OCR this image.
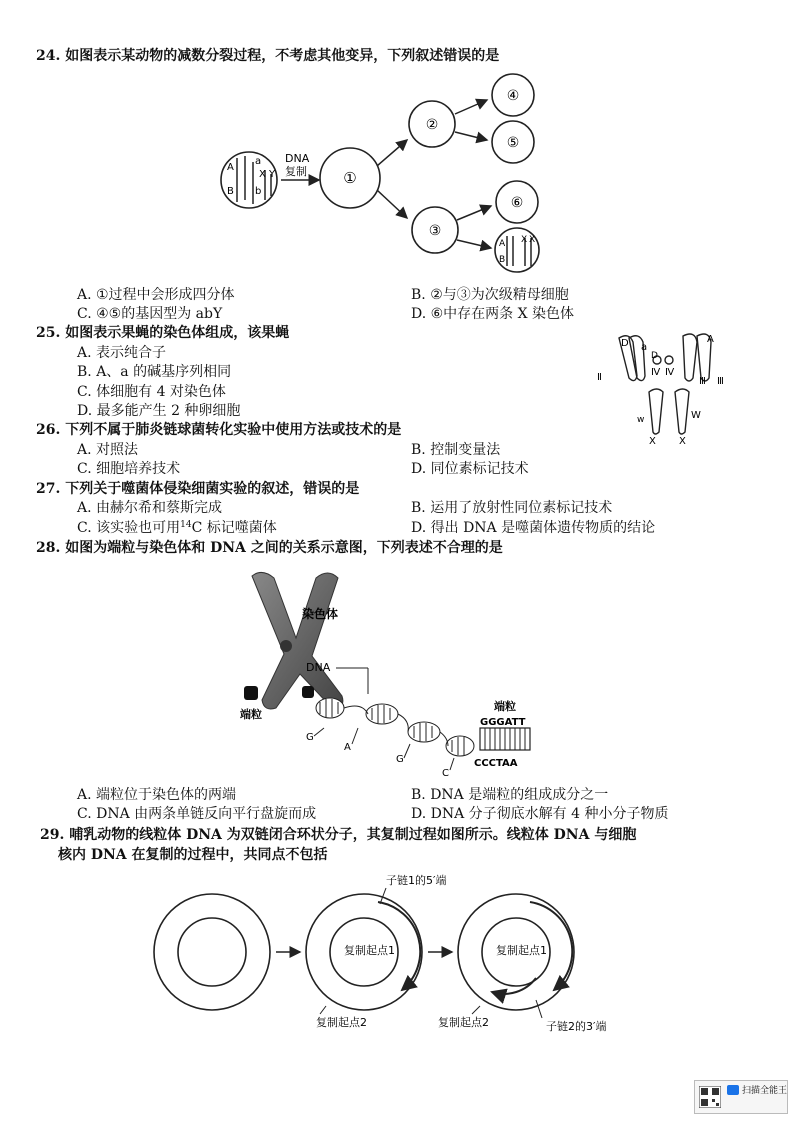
24. 如图表示某动物的减数分裂过程，不考虑其他变异，下列叙述错误的是
A
a
B b
X Y
DNA
复制 ①
②
③
④
⑤
⑥
A
B
X X
A. ①过程中会形成四分体	B. ②与③为次级精母细胞
C. ④⑤的基因型为 abY	D. ⑥中存在两条 X 染色体
25. 如图表示果蝇的染色体组成，该果蝇
A. 表示纯合子
B. A、a 的碱基序列相同
C. 体细胞有 4 对染色体
D. 最多能产生 2 种卵细胞
D a
Ⅱ
D
Ⅳ Ⅳ
A
Ⅲ Ⅲ
w	W
X X
26. 下列不属于肺炎链球菌转化实验中使用方法或技术的是
A. 对照法	B. 控制变量法
C. 细胞培养技术	D. 同位素标记技术
27. 下列关于噬菌体侵染细菌实验的叙述，错误的是
A. 由赫尔希和蔡斯完成	B. 运用了放射性同位素标记技术
C. 该实验也可用$^{14}$C 标记噬菌体	D. 得出 DNA 是噬菌体遗传物质的结论
28. 如图为端粒与染色体和 DNA 之间的关系示意图，下列表述不合理的是
染色体
端粒
DNA
端粒
GGGATT
CCCTAA
G
A
G
C
A. 端粒位于染色体的两端	B. DNA 是端粒的组成成分之一
C. DNA 由两条单链反向平行盘旋而成	D. DNA 分子彻底水解有 4 种小分子物质
29. 哺乳动物的线粒体 DNA 为双链闭合环状分子，其复制过程如图所示。线粒体 DNA 与细胞
核内 DNA 在复制的过程中，共同点不包括
子链1的5′端
复制起点1
复制起点2
复制起点1
复制起点2	子链2的3′端
扫描全能王
